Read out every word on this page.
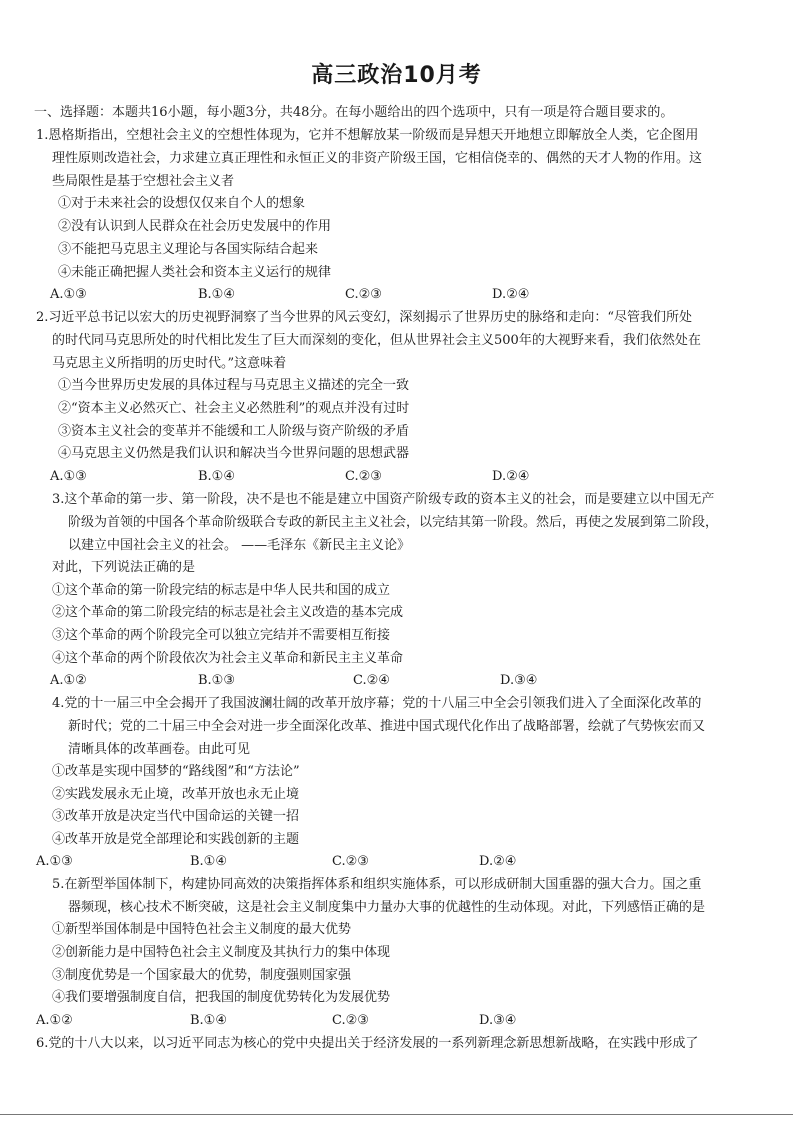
高三政治10月考
一、选择题：本题共16小题，每小题3分，共48分。在每小题给出的四个选项中，只有一项是符合题目要求的。
1.恩格斯指出，空想社会主义的空想性体现为，它并不想解放某一阶级而是异想天开地想立即解放全人类，它企图用
理性原则改造社会，力求建立真正理性和永恒正义的非资产阶级王国，它相信侥幸的、偶然的天才人物的作用。这
些局限性是基于空想社会主义者
①对于未来社会的设想仅仅来自个人的想象
②没有认识到人民群众在社会历史发展中的作用
③不能把马克思主义理论与各国实际结合起来
④未能正确把握人类社会和资本主义运行的规律
A.①③	B.①④	C.②③	D.②④
2.习近平总书记以宏大的历史视野洞察了当今世界的风云变幻，深刻揭示了世界历史的脉络和走向：“尽管我们所处
的时代同马克思所处的时代相比发生了巨大而深刻的变化，但从世界社会主义500年的大视野来看，我们依然处在
马克思主义所指明的历史时代。”这意味着
①当今世界历史发展的具体过程与马克思主义描述的完全一致
②“资本主义必然灭亡、社会主义必然胜利”的观点并没有过时
③资本主义社会的变革并不能缓和工人阶级与资产阶级的矛盾
④马克思主义仍然是我们认识和解决当今世界问题的思想武器
A.①③	B.①④	C.②③	D.②④
3.这个革命的第一步、第一阶段，决不是也不能是建立中国资产阶级专政的资本主义的社会，而是要建立以中国无产
阶级为首领的中国各个革命阶级联合专政的新民主主义社会，以完结其第一阶段。然后，再使之发展到第二阶段，
以建立中国社会主义的社会。 ——毛泽东《新民主主义论》
对此，下列说法正确的是
①这个革命的第一阶段完结的标志是中华人民共和国的成立
②这个革命的第二阶段完结的标志是社会主义改造的基本完成
③这个革命的两个阶段完全可以独立完结并不需要相互衔接
④这个革命的两个阶段依次为社会主义革命和新民主主义革命
A.①②	B.①③	C.②④	D.③④
4.党的十一届三中全会揭开了我国波澜壮阔的改革开放序幕；党的十八届三中全会引领我们进入了全面深化改革的
新时代；党的二十届三中全会对进一步全面深化改革、推进中国式现代化作出了战略部署，绘就了气势恢宏而又
清晰具体的改革画卷。由此可见
①改革是实现中国梦的“路线图”和“方法论”
②实践发展永无止境，改革开放也永无止境
③改革开放是决定当代中国命运的关键一招
④改革开放是党全部理论和实践创新的主题
A.①③	B.①④	C.②③	D.②④
5.在新型举国体制下，构建协同高效的决策指挥体系和组织实施体系，可以形成研制大国重器的强大合力。国之重
器频现，核心技术不断突破，这是社会主义制度集中力量办大事的优越性的生动体现。对此，下列感悟正确的是
①新型举国体制是中国特色社会主义制度的最大优势
②创新能力是中国特色社会主义制度及其执行力的集中体现
③制度优势是一个国家最大的优势，制度强则国家强
④我们要增强制度自信，把我国的制度优势转化为发展优势
A.①②	B.①④	C.②③	D.③④
6.党的十八大以来，以习近平同志为核心的党中央提出关于经济发展的一系列新理念新思想新战略，在实践中形成了
